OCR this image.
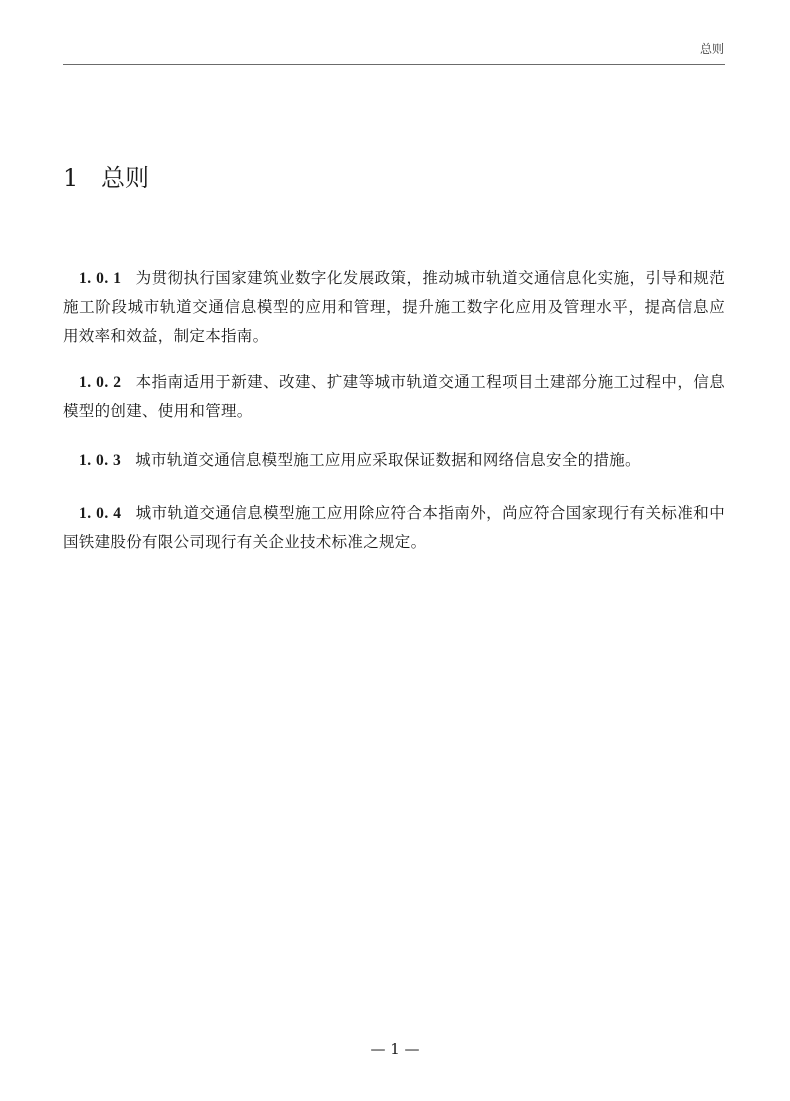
总则
1 总则
1. 0. 1 为贯彻执行国家建筑业数字化发展政策，推动城市轨道交通信息化实施，引导和规范施工阶段城市轨道交通信息模型的应用和管理，提升施工数字化应用及管理水平，提高信息应用效率和效益，制定本指南。
1. 0. 2 本指南适用于新建、改建、扩建等城市轨道交通工程项目土建部分施工过程中，信息模型的创建、使用和管理。
1. 0. 3 城市轨道交通信息模型施工应用应采取保证数据和网络信息安全的措施。
1. 0. 4 城市轨道交通信息模型施工应用除应符合本指南外，尚应符合国家现行有关标准和中国铁建股份有限公司现行有关企业技术标准之规定。
— 1 —
